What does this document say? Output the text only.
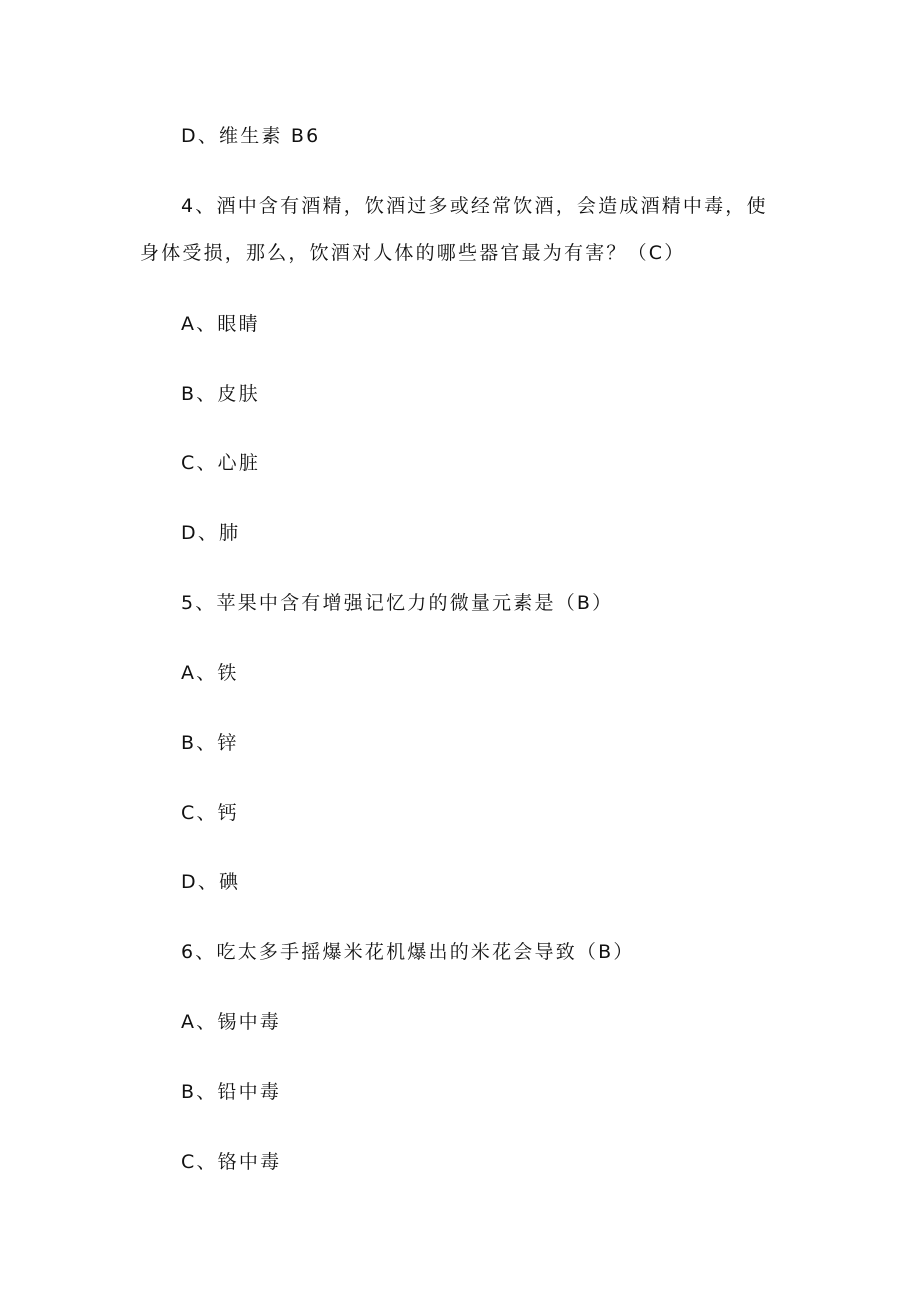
D、维生素 B6
4、酒中含有酒精，饮酒过多或经常饮酒，会造成酒精中毒，使
身体受损，那么，饮酒对人体的哪些器官最为有害？（C）
A、眼睛
B、皮肤
C、心脏
D、肺
5、苹果中含有增强记忆力的微量元素是（B）
A、铁
B、锌
C、钙
D、碘
6、吃太多手摇爆米花机爆出的米花会导致（B）
A、锡中毒
B、铅中毒
C、铬中毒
